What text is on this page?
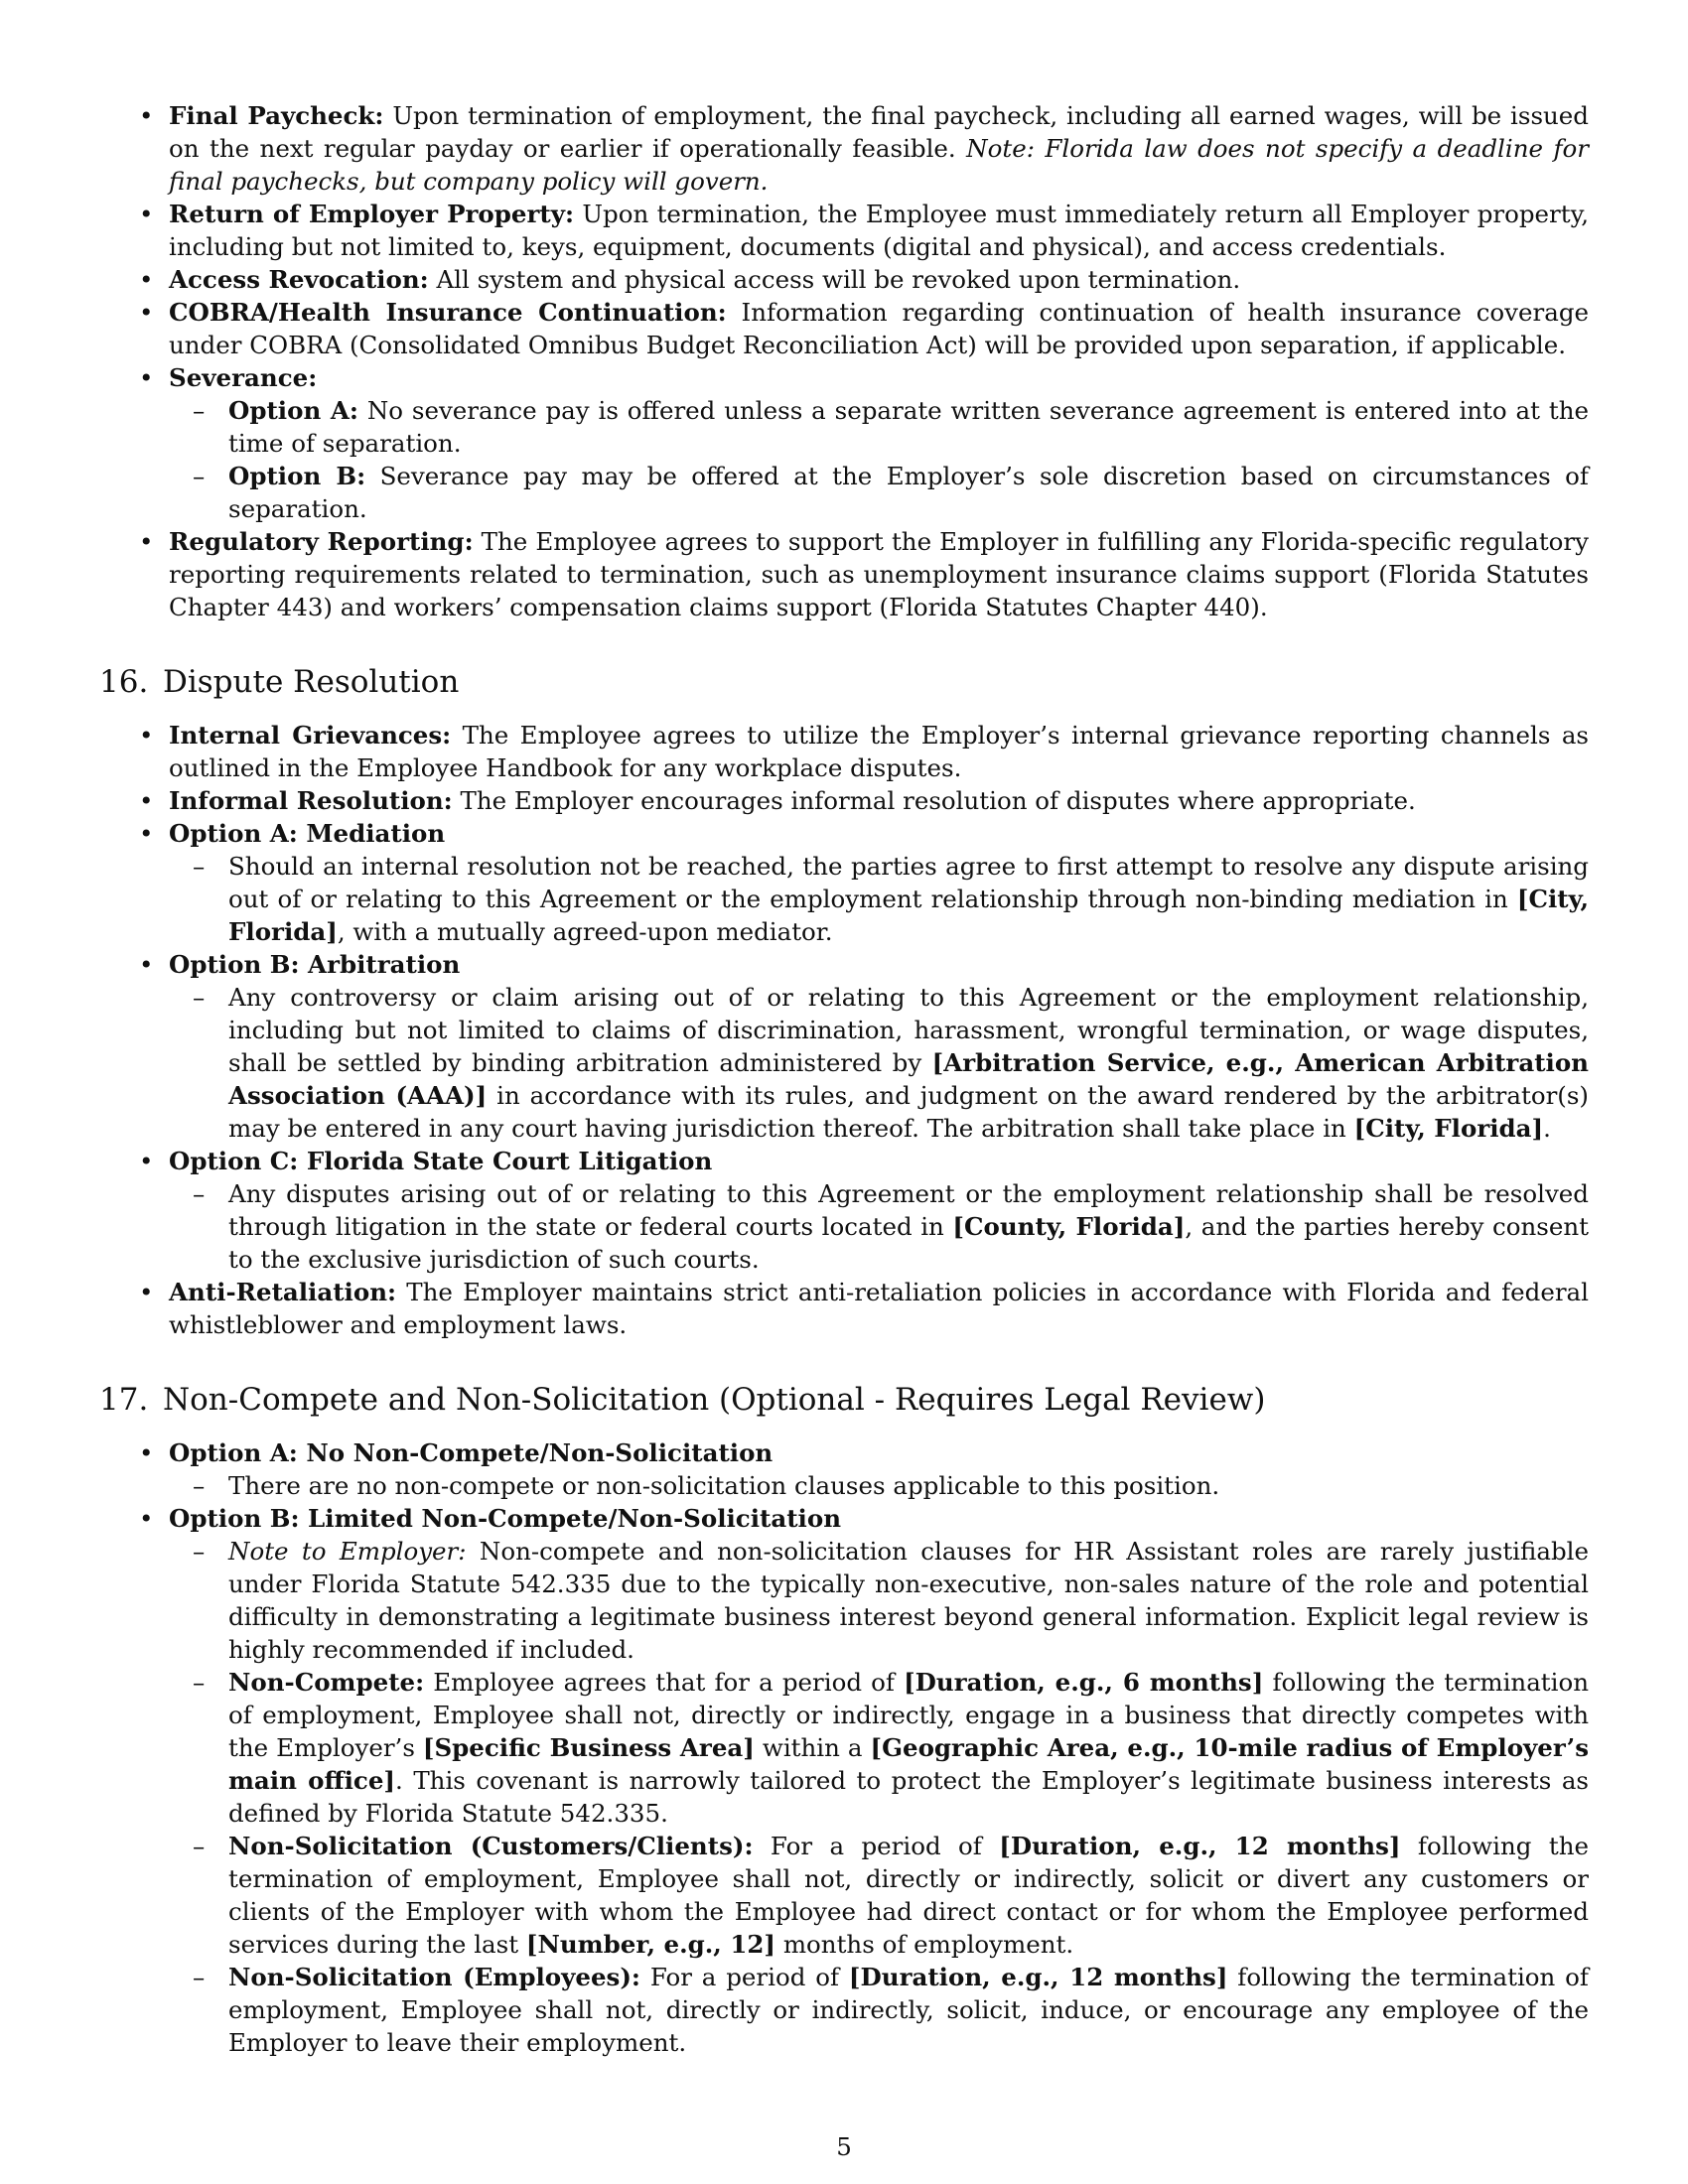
• Final Paycheck: Upon termination of employment, the final paycheck, including all earned wages, will be issued on the next regular payday or earlier if operationally feasible. Note: Florida law does not specify a deadline for final paychecks, but company policy will govern.
• Return of Employer Property: Upon termination, the Employee must immediately return all Employer property, including but not limited to, keys, equipment, documents (digital and physical), and access credentials.
• Access Revocation: All system and physical access will be revoked upon termination.
• COBRA/Health Insurance Continuation: Information regarding continuation of health insurance coverage under COBRA (Consolidated Omnibus Budget Reconciliation Act) will be provided upon separation, if applicable.
• Severance:
– Option A: No severance pay is offered unless a separate written severance agreement is entered into at the time of separation.
– Option B: Severance pay may be offered at the Employer’s sole discretion based on circumstances of separation.
• Regulatory Reporting: The Employee agrees to support the Employer in fulfilling any Florida-specific regulatory reporting requirements related to termination, such as unemployment insurance claims support (Florida Statutes Chapter 443) and workers’ compensation claims support (Florida Statutes Chapter 440).
16. Dispute Resolution
• Internal Grievances: The Employee agrees to utilize the Employer’s internal grievance reporting channels as outlined in the Employee Handbook for any workplace disputes.
• Informal Resolution: The Employer encourages informal resolution of disputes where appropriate.
• Option A: Mediation
– Should an internal resolution not be reached, the parties agree to first attempt to resolve any dispute arising out of or relating to this Agreement or the employment relationship through non-binding mediation in [City, Florida], with a mutually agreed-upon mediator.
• Option B: Arbitration
– Any controversy or claim arising out of or relating to this Agreement or the employment relationship, including but not limited to claims of discrimination, harassment, wrongful termination, or wage disputes, shall be settled by binding arbitration administered by [Arbitration Service, e.g., American Arbitration Association (AAA)] in accordance with its rules, and judgment on the award rendered by the arbitrator(s) may be entered in any court having jurisdiction thereof. The arbitration shall take place in [City, Florida].
• Option C: Florida State Court Litigation
– Any disputes arising out of or relating to this Agreement or the employment relationship shall be resolved through litigation in the state or federal courts located in [County, Florida], and the parties hereby consent to the exclusive jurisdiction of such courts.
• Anti-Retaliation: The Employer maintains strict anti-retaliation policies in accordance with Florida and federal whistleblower and employment laws.
17. Non-Compete and Non-Solicitation (Optional - Requires Legal Review)
• Option A: No Non-Compete/Non-Solicitation
– There are no non-compete or non-solicitation clauses applicable to this position.
• Option B: Limited Non-Compete/Non-Solicitation
– Note to Employer: Non-compete and non-solicitation clauses for HR Assistant roles are rarely justifiable under Florida Statute 542.335 due to the typically non-executive, non-sales nature of the role and potential difficulty in demonstrating a legitimate business interest beyond general information. Explicit legal review is highly recommended if included.
– Non-Compete: Employee agrees that for a period of [Duration, e.g., 6 months] following the termination of employment, Employee shall not, directly or indirectly, engage in a business that directly competes with the Employer’s [Specific Business Area] within a [Geographic Area, e.g., 10-mile radius of Employer’s main office]. This covenant is narrowly tailored to protect the Employer’s legitimate business interests as defined by Florida Statute 542.335.
– Non-Solicitation (Customers/Clients): For a period of [Duration, e.g., 12 months] following the termination of employment, Employee shall not, directly or indirectly, solicit or divert any customers or clients of the Employer with whom the Employee had direct contact or for whom the Employee performed services during the last [Number, e.g., 12] months of employment.
– Non-Solicitation (Employees): For a period of [Duration, e.g., 12 months] following the termination of employment, Employee shall not, directly or indirectly, solicit, induce, or encourage any employee of the Employer to leave their employment.
5
